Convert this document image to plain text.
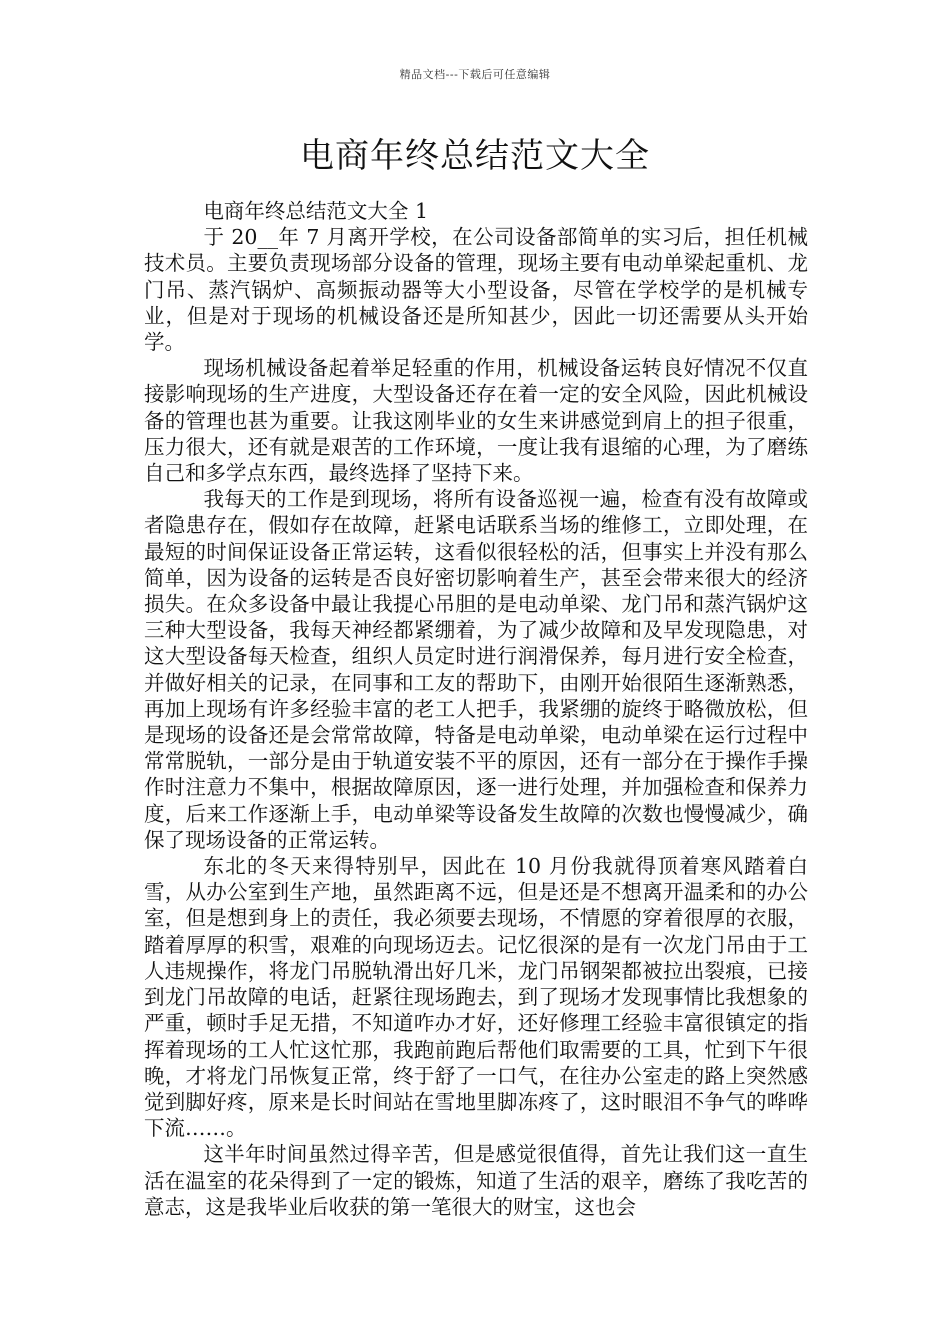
精品文档---下载后可任意编辑
电商年终总结范文大全

电商年终总结范文大全 1

于 20__年 7 月离开学校，在公司设备部简单的实习后，担任机械技术员。主要负责现场部分设备的管理，现场主要有电动单梁起重机、龙门吊、蒸汽锅炉、高频振动器等大小型设备，尽管在学校学的是机械专业，但是对于现场的机械设备还是所知甚少，因此一切还需要从头开始学。

现场机械设备起着举足轻重的作用，机械设备运转良好情况不仅直接影响现场的生产进度，大型设备还存在着一定的安全风险，因此机械设备的管理也甚为重要。让我这刚毕业的女生来讲感觉到肩上的担子很重，压力很大，还有就是艰苦的工作环境，一度让我有退缩的心理，为了磨练自己和多学点东西，最终选择了坚持下来。

我每天的工作是到现场，将所有设备巡视一遍，检查有没有故障或者隐患存在，假如存在故障，赶紧电话联系当场的维修工，立即处理，在最短的时间保证设备正常运转，这看似很轻松的活，但事实上并没有那么简单，因为设备的运转是否良好密切影响着生产，甚至会带来很大的经济损失。在众多设备中最让我提心吊胆的是电动单梁、龙门吊和蒸汽锅炉这三种大型设备，我每天神经都紧绷着，为了减少故障和及早发现隐患，对这大型设备每天检查，组织人员定时进行润滑保养，每月进行安全检查，并做好相关的记录，在同事和工友的帮助下，由刚开始很陌生逐渐熟悉，再加上现场有许多经验丰富的老工人把手，我紧绷的旋终于略微放松，但是现场的设备还是会常常故障，特备是电动单梁，电动单梁在运行过程中常常脱轨，一部分是由于轨道安装不平的原因，还有一部分在于操作手操作时注意力不集中，根据故障原因，逐一进行处理，并加强检查和保养力度，后来工作逐渐上手，电动单梁等设备发生故障的次数也慢慢减少，确保了现场设备的正常运转。

东北的冬天来得特别早，因此在 10 月份我就得顶着寒风踏着白雪，从办公室到生产地，虽然距离不远，但是还是不想离开温柔和的办公室，但是想到身上的责任，我必须要去现场，不情愿的穿着很厚的衣服，踏着厚厚的积雪，艰难的向现场迈去。记忆很深的是有一次龙门吊由于工人违规操作，将龙门吊脱轨滑出好几米，龙门吊钢架都被拉出裂痕，已接到龙门吊故障的电话，赶紧往现场跑去，到了现场才发现事情比我想象的严重，顿时手足无措，不知道咋办才好，还好修理工经验丰富很镇定的指挥着现场的工人忙这忙那，我跑前跑后帮他们取需要的工具，忙到下午很晚，才将龙门吊恢复正常，终于舒了一口气，在往办公室走的路上突然感觉到脚好疼，原来是长时间站在雪地里脚冻疼了，这时眼泪不争气的哗哗下流……。

这半年时间虽然过得辛苦，但是感觉很值得，首先让我们这一直生活在温室的花朵得到了一定的锻炼，知道了生活的艰辛，磨练了我吃苦的意志，这是我毕业后收获的第一笔很大的财宝，这也会
